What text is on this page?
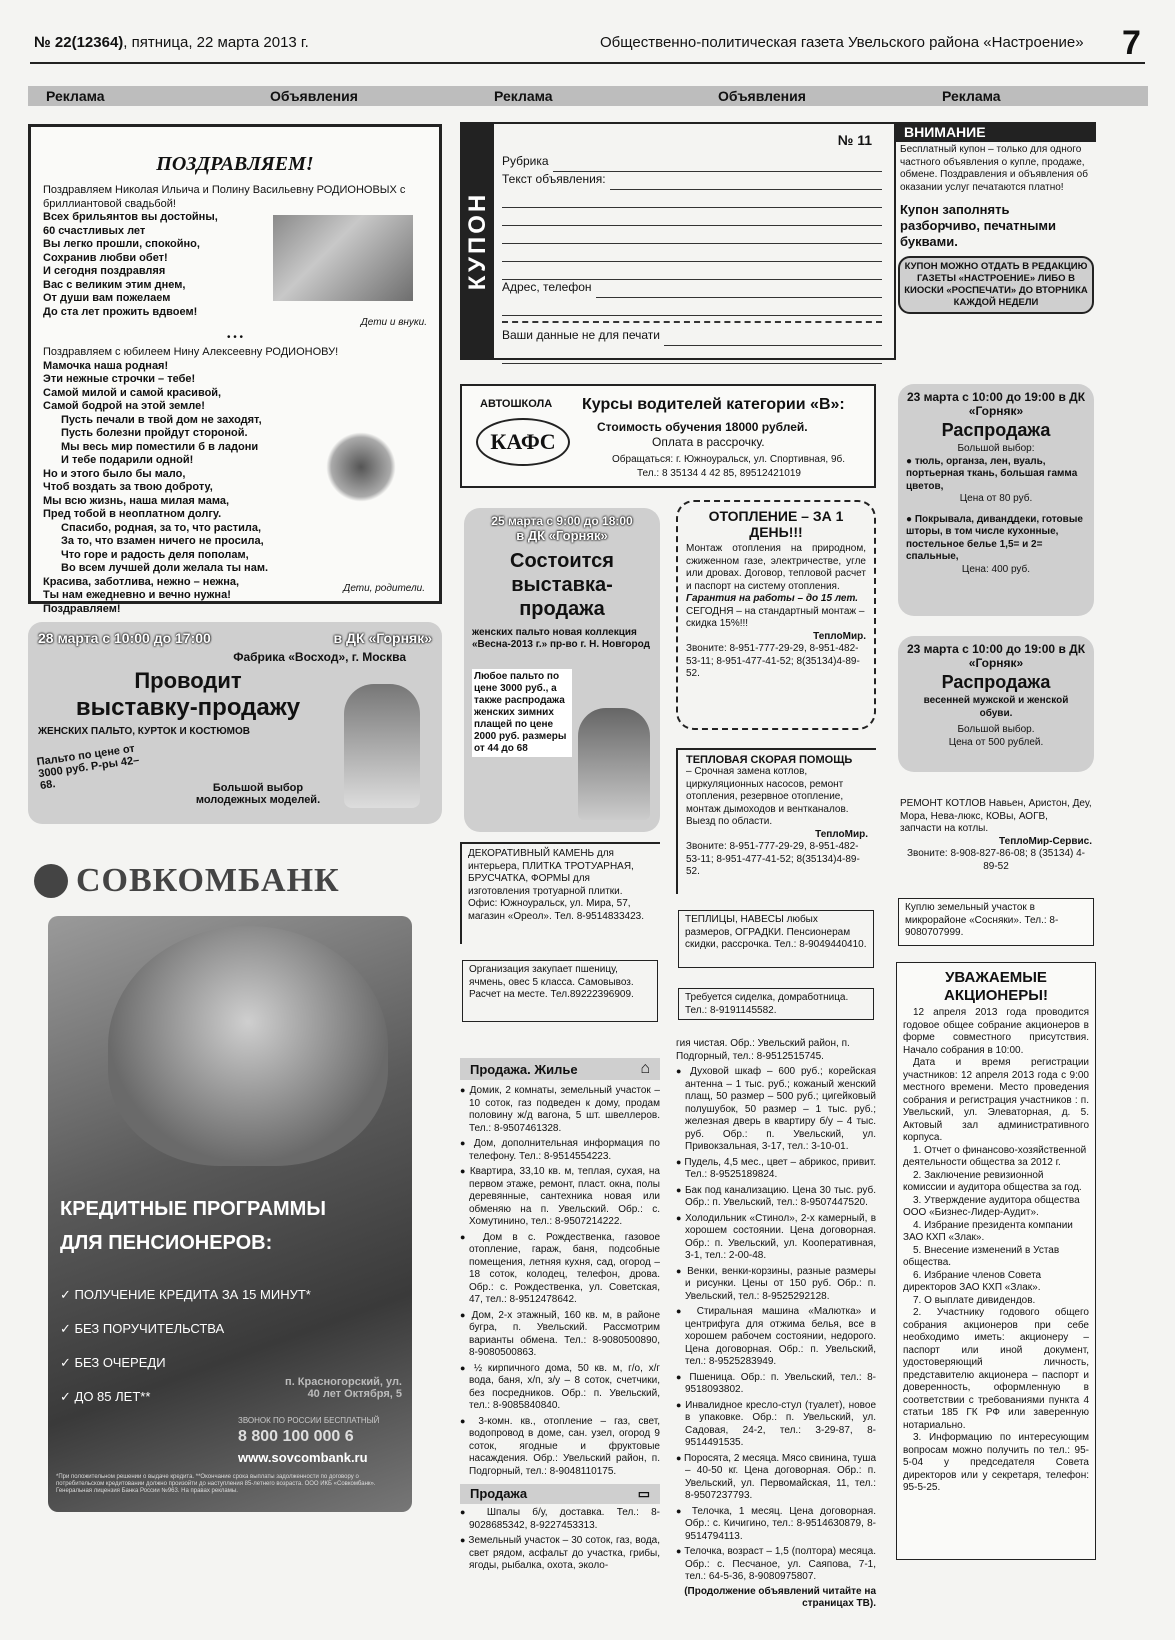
№ 22(12364), пятница, 22 марта 2013 г.	Общественно-политическая газета Увельского района «Настроение» 7
Реклама	Объявления	Реклама	Объявления	Реклама
ПОЗДРАВЛЯЕМ!

Поздравляем Николая Ильича и Полину Васильевну РОДИОНОВЫХ с бриллиантовой свадьбой!

Всех брильянтов вы достойны,

60 счастливых лет

Вы легко прошли, спокойно,

Сохранив любви обет!

И сегодня поздравляя

Вас с великим этим днем,

От души вам пожелаем

До ста лет прожить вдвоем!

Дети и внуки.
• • •

Поздравляем с юбилеем Нину Алексеевну РОДИОНОВУ!

Мамочка наша родная!

Эти нежные строчки – тебе!

Самой милой и самой красивой,

Самой бодрой на этой земле!

Пусть печали в твой дом не заходят,

Пусть болезни пройдут стороной.

Мы весь мир поместили б в ладони

И тебе подарили одной!

Но и этого было бы мало,

Чтоб воздать за твою доброту,

Мы всю жизнь, наша милая мама,

Пред тобой в неоплатном долгу.

Спасибо, родная, за то, что растила,

За то, что взамен ничего не просила,

Что горе и радость деля пополам,

Во всем лучшей доли желала ты нам.

Красива, заботлива, нежно – нежна,

Ты нам ежедневно и вечно нужна!

Поздравляем!

Дети, родители.
28 марта с 10:00 до 17:00	в ДК «Горняк»
Фабрика «Восход», г. Москва
Проводит
выставку-продажу
ЖЕНСКИХ ПАЛЬТО, КУРТОК И КОСТЮМОВ
Пальто по цене от 3000 руб. Р-ры 42–68.	Большой выбор молодежных моделей.
СОВКОМБАНК
КРЕДИТНЫЕ ПРОГРАММЫ
ДЛЯ ПЕНСИОНЕРОВ:
✓ ПОЛУЧЕНИЕ КРЕДИТА ЗА 15 МИНУТ*
✓ БЕЗ ПОРУЧИТЕЛЬСТВА
✓ БЕЗ ОЧЕРЕДИ
✓ ДО 85 ЛЕТ**
п. Красногорский, ул. 40 лет Октября, 5
ЗВОНОК ПО РОССИИ БЕСПЛАТНЫЙ
8 800 100 000 6
www.sovcombank.ru
*При положительном решении о выдаче кредита. **Окончание срока выплаты задолженности по договору о потребительском кредитовании должно произойти до наступления 85-летнего возраста. ООО ИКБ «Совкомбанк». Генеральная лицензия Банка России №963. На правах рекламы.
КУПОН
№ 11
Рубрика
Текст объявления:
Адрес, телефон
Ваши данные не для печати
ВНИМАНИЕ

Бесплатный купон – только для одного частного объявления о купле, продаже, обмене. Поздравления и объявления об оказании услуг печатаются платно!

Купон заполнять разборчиво, печатными буквами.

КУПОН МОЖНО ОТДАТЬ В РЕДАКЦИЮ ГАЗЕТЫ «НАСТРОЕНИЕ» ЛИБО В КИОСКИ «РОСПЕЧАТИ» ДО ВТОРНИКА КАЖДОЙ НЕДЕЛИ
АВТОШКОЛА
КАФС
Курсы водителей категории «В»:
Стоимость обучения 18000 рублей.
Оплата в рассрочку.
Обращаться: г. Южноуральск, ул. Спортивная, 9б.
Тел.: 8 35134 4 42 85, 89512421019
23 марта с 10:00 до 19:00 в ДК «Горняк»
Распродажа
Большой выбор:

● тюль, органза, лен, вуаль, портьерная ткань, большая гамма цветов,

Цена от 80 руб.

● Покрывала, диванддеки, готовые шторы, в том числе кухонные, постельное белье 1,5= и 2= спальные,

Цена: 400 руб.

25 марта с 9:00 до 18:00
в ДК «Горняк»
Состоится выставка-продажа
женских пальто новая коллекция «Весна-2013 г.» пр-во г. Н. Новгород
Любое пальто по цене 3000 руб., а также распродажа женских зимних плащей по цене 2000 руб. размеры от 44 до 68
ОТОПЛЕНИЕ – ЗА 1 ДЕНЬ!!!

Монтаж отопления на природном, сжиженном газе, электричестве, угле или дровах. Договор, тепловой расчет и паспорт на систему отопления.

Гарантия на работы – до 15 лет.

СЕГОДНЯ – на стандартный монтаж – скидка 15%!!!

ТеплоМир.

Звоните: 8-951-777-29-29, 8-951-482-53-11; 8-951-477-41-52; 8(35134)4-89-52.

23 марта с 10:00 до 19:00 в ДК «Горняк»
Распродажа

весенней мужской и женской обуви.

Большой выбор.

Цена от 500 рублей.

ТЕПЛОВАЯ СКОРАЯ ПОМОЩЬ

– Срочная замена котлов, циркуляционных насосов, ремонт отопления, резервное отопление, монтаж дымоходов и вентканалов. Выезд по области.

ТеплоМир.

Звоните: 8-951-777-29-29, 8-951-482-53-11; 8-951-477-41-52; 8(35134)4-89-52.

РЕМОНТ КОТЛОВ Навьен, Аристон, Деу, Мора, Нева-люкс, КОВы, АОГВ, запчасти на котлы.

ТеплоМир-Сервис.

Звоните: 8-908-827-86-08; 8 (35134) 4-89-52

ДЕКОРАТИВНЫЙ КАМЕНЬ для интерьера, ПЛИТКА ТРОТУАРНАЯ, БРУСЧАТКА, ФОРМЫ для изготовления тротуарной плитки. Офис: Южноуральск, ул. Мира, 57, магазин «Ореол». Тел. 8-9514833423.

Куплю земельный участок в микрорайоне «Сосняки». Тел.: 8-9080707999.

ТЕПЛИЦЫ, НАВЕСЫ любых размеров, ОГРАДКИ. Пенсионерам скидки, рассрочка. Тел.: 8-9049440410.

Организация закупает пшеницу, ячмень, овес 5 класса. Самовывоз. Расчет на месте. Тел.89222396909.

УВАЖАЕМЫЕ АКЦИОНЕРЫ!

12 апреля 2013 года проводится годовое общее собрание акционеров в форме совместного присутствия. Начало собрания в 10:00.

Дата и время регистрации участников: 12 апреля 2013 года с 9:00 местного времени. Место проведения собрания и регистрация участников : п. Увельский, ул. Элеваторная, д. 5. Актовый зал административного корпуса.

1. Отчет о финансово-хозяйственной деятельности общества за 2012 г.

2. Заключение ревизионной комиссии и аудитора общества за год.

3. Утверждение аудитора общества ООО «Бизнес-Лидер-Аудит».

4. Избрание президента компании ЗАО КХП «Злак».

5. Внесение изменений в Устав общества.

6. Избрание членов Совета директоров ЗАО КХП «Злак».

7. О выплате дивидендов.

2. Участнику годового общего собрания акционеров при себе необходимо иметь: акционеру – паспорт или иной документ, удостоверяющий личность, представителю акционера – паспорт и доверенность, оформленную в соответствии с требованиями пункта 4 статьи 185 ГК РФ или заверенную нотариально.

3. Информацию по интересующим вопросам можно получить по тел.: 95-5-04 у председателя Совета директоров или у секретаря, телефон: 95-5-25.

Требуется сиделка, домработница. Тел.: 8-9191145582.

Продажа. Жилье	⌂
● Домик, 2 комнаты, земельный участок – 10 соток, газ подведен к дому, продам половину ж/д вагона, 5 шт. швеллеров. Тел.: 8-9507461328.
● Дом, дополнительная информация по телефону. Тел.: 8-9514554223.
● Квартира, 33,10 кв. м, теплая, сухая, на первом этаже, ремонт, пласт. окна, полы деревянные, сантехника новая или обменяю на п. Увельский. Обр.: с. Хомутинино, тел.: 8-9507214222.
● Дом в с. Рождественка, газовое отопление, гараж, баня, подсобные помещения, летняя кухня, сад, огород – 18 соток, колодец, телефон, дрова. Обр.: с. Рождественка, ул. Советская, 47, тел.: 8-9512478642.
● Дом, 2-х этажный, 160 кв. м, в районе бугра, п. Увельский. Рассмотрим варианты обмена. Тел.: 8-9080500890, 8-9080500863.
● ½ кирпичного дома, 50 кв. м, г/о, х/г вода, баня, х/п, з/у – 8 соток, счетчики, без посредников. Обр.: п. Увельский, тел.: 8-9085840840.
● 3-комн. кв., отопление – газ, свет, водопровод в доме, сан. узел, огород 9 соток, ягодные и фруктовые насаждения. Обр.: Увельский район, п. Подгорный, тел.: 8-9048110175.
Продажа	▭
● Шпалы б/у, доставка. Тел.: 8-9028685342, 8-9227453313.
● Земельный участок – 30 соток, газ, вода, свет рядом, асфальт до участка, грибы, ягоды, рыбалка, охота, эколо-

гия чистая. Обр.: Увельский район, п. Подгорный, тел.: 8-9512515745.

● Духовой шкаф – 600 руб.; корейская антенна – 1 тыс. руб.; кожаный женский плащ, 50 размер – 500 руб.; цигейковый полушубок, 50 размер – 1 тыс. руб.; железная дверь в квартиру б/у – 4 тыс. руб. Обр.: п. Увельский, ул. Привокзальная, 3-17, тел.: 3-10-01.
● Пудель, 4,5 мес., цвет – абрикос, привит. Тел.: 8-9525189824.
● Бак под канализацию. Цена 30 тыс. руб. Обр.: п. Увельский, тел.: 8-9507447520.
● Холодильник «Стинол», 2-х камерный, в хорошем состоянии. Цена договорная. Обр.: п. Увельский, ул. Кооперативная, 3-1, тел.: 2-00-48.
● Венки, венки-корзины, разные размеры и рисунки. Цены от 150 руб. Обр.: п. Увельский, тел.: 8-9525292128.
● Стиральная машина «Малютка» и центрифуга для отжима белья, все в хорошем рабочем состоянии, недорого. Цена договорная. Обр.: п. Увельский, тел.: 8-9525283949.
● Пшеница. Обр.: п. Увельский, тел.: 8-9518093802.
● Инвалидное кресло-стул (туалет), новое в упаковке. Обр.: п. Увельский, ул. Садовая, 24-2, тел.: 3-29-87, 8-9514491535.
● Поросята, 2 месяца. Мясо свинина, туша – 40-50 кг. Цена договорная. Обр.: п. Увельский, ул. Первомайская, 11, тел.: 8-9507237793.
● Телочка, 1 месяц. Цена договорная. Обр.: с. Кичигино, тел.: 8-9514630879, 8-9514794113.
● Телочка, возраст – 1,5 (полтора) месяца. Обр.: с. Песчаное, ул. Саяпова, 7-1, тел.: 64-5-36, 8-9080975807.

(Продолжение объявлений читайте на страницах ТВ).
